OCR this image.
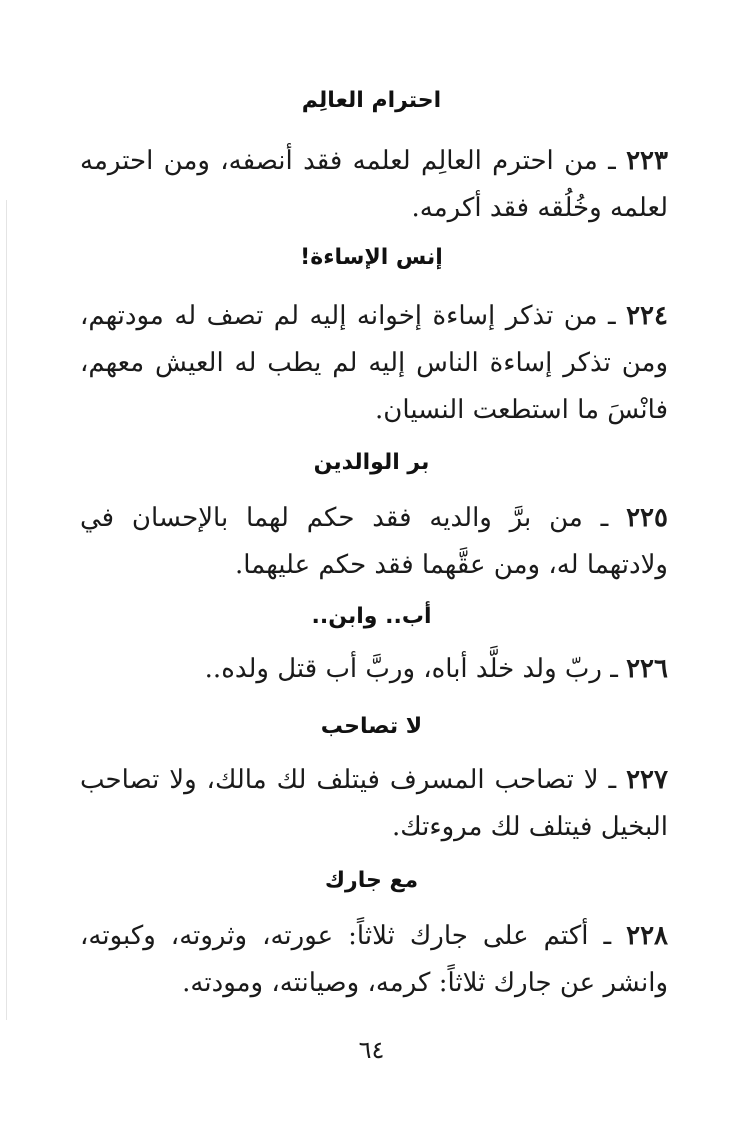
احترام العالِم
٢٢٣ ـ من احترم العالِم لعلمه فقد أنصفه، ومن احترمه لعلمه وخُلُقه فقد أكرمه.
إنس الإساءة!
٢٢٤ ـ من تذكر إساءة إخوانه إليه لم تصف له مودتهم، ومن تذكر إساءة الناس إليه لم يطب له العيش معهم، فانْسَ ما استطعت النسيان.
بر الوالدين
٢٢٥ ـ من برَّ والديه فقد حكم لهما بالإحسان في ولادتهما له، ومن عقَّهما فقد حكم عليهما.
أب.. وابن..
٢٢٦ ـ ربّ ولد خلَّد أباه، وربَّ أب قتل ولده..
لا تصاحب
٢٢٧ ـ لا تصاحب المسرف فيتلف لك مالك، ولا تصاحب البخيل فيتلف لك مروءتك.
مع جارك
٢٢٨ ـ أكتم على جارك ثلاثاً: عورته، وثروته، وكبوته، وانشر عن جارك ثلاثاً: كرمه، وصيانته، ومودته.
٦٤
